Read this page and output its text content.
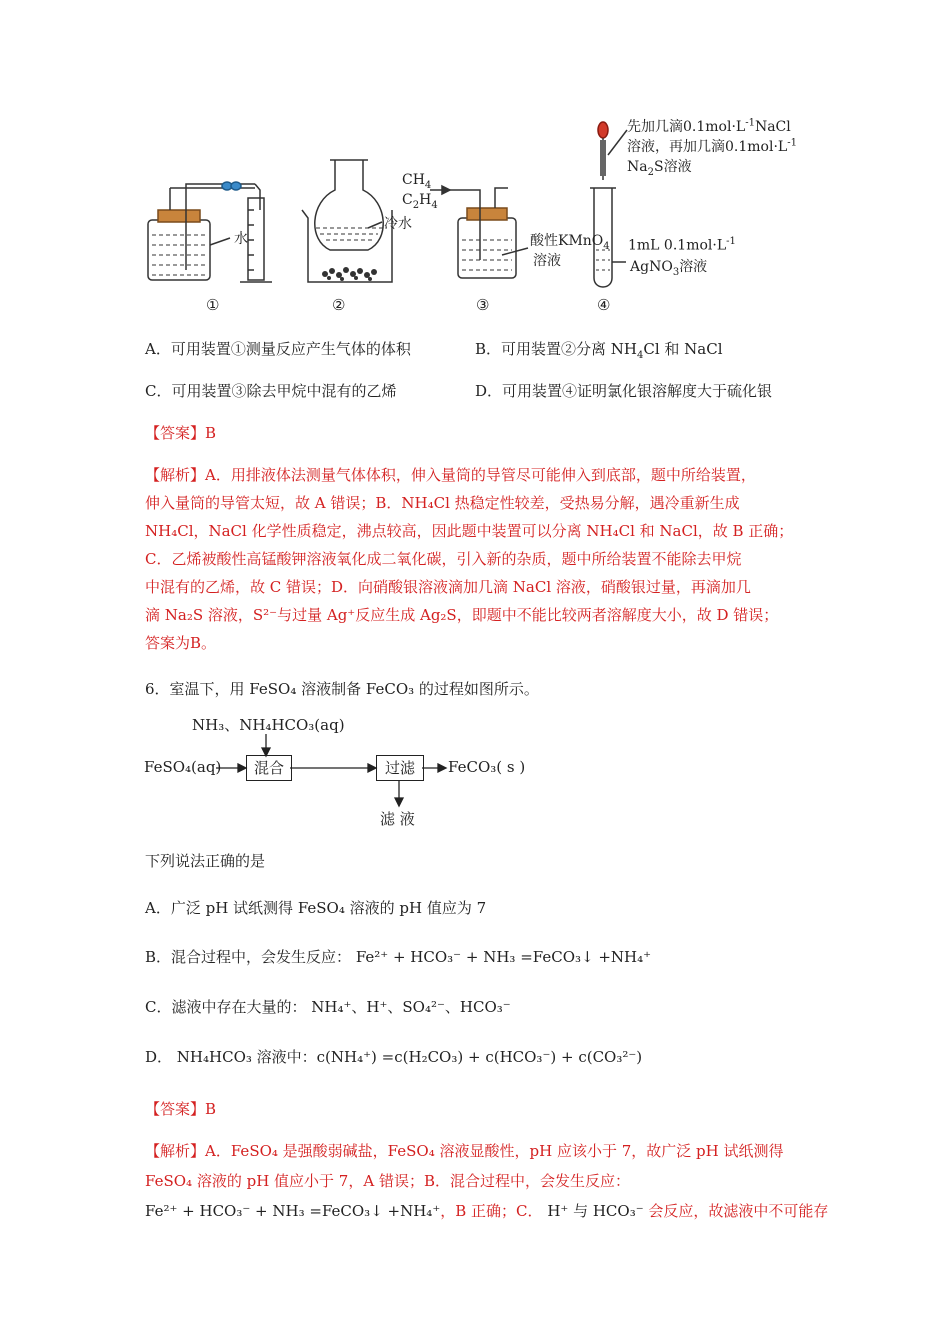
水
冷水
$CH_4$
$C_2H_4$
酸性KMnO$_4$
溶液
先加几滴$0.1mol\cdot L^{-1}NaCl$
溶液，再加几滴$0.1mol\cdot L^{-1}$
$Na_2S$溶液
1mL $0.1mol\cdot L^{-1}$
AgNO$_3$溶液
①	②	③	④
A．可用装置①测量反应产生气体的体积	B．可用装置②分离 $NH_4Cl$ 和 NaCl
C．可用装置③除去甲烷中混有的乙烯	D．可用装置④证明氯化银溶解度大于硫化银
【答案】B
【解析】A．用排液体法测量气体体积，伸入量筒的导管尽可能伸入到底部，题中所给装置，
伸入量筒的导管太短，故 A 错误；B．NH₄Cl 热稳定性较差，受热易分解，遇冷重新生成
NH₄Cl，NaCl 化学性质稳定，沸点较高，因此题中装置可以分离 NH₄Cl 和 NaCl，故 B 正确；
C．乙烯被酸性高锰酸钾溶液氧化成二氧化碳，引入新的杂质，题中所给装置不能除去甲烷
中混有的乙烯，故 C 错误；D．向硝酸银溶液滴加几滴 NaCl 溶液，硝酸银过量，再滴加几
滴 Na₂S 溶液，S²⁻与过量 Ag⁺反应生成 Ag₂S，即题中不能比较两者溶解度大小，故 D 错误；
答案为B。
6．室温下，用 FeSO₄ 溶液制备 FeCO₃ 的过程如图所示。
NH₃、NH₄HCO₃(aq)
FeSO₄(aq)	混合	过滤	FeCO₃( s )
滤 液
下列说法正确的是
A．广泛 pH 试纸测得 FeSO₄ 溶液的 pH 值应为 7
B．混合过程中，会发生反应： Fe²⁺ + HCO₃⁻ + NH₃ =FeCO₃↓ +NH₄⁺
C．滤液中存在大量的： NH₄⁺、H⁺、SO₄²⁻、HCO₃⁻
D． NH₄HCO₃ 溶液中：c(NH₄⁺) =c(H₂CO₃) + c(HCO₃⁻) + c(CO₃²⁻)
【答案】B
【解析】A．FeSO₄ 是强酸弱碱盐，FeSO₄ 溶液显酸性，pH 应该小于 7，故广泛 pH 试纸测得
FeSO₄ 溶液的 pH 值应小于 7，A 错误；B．混合过程中，会发生反应：
Fe²⁺ + HCO₃⁻ + NH₃ =FeCO₃↓ +NH₄⁺，B 正确；C． H⁺ 与 HCO₃⁻ 会反应，故滤液中不可能存
